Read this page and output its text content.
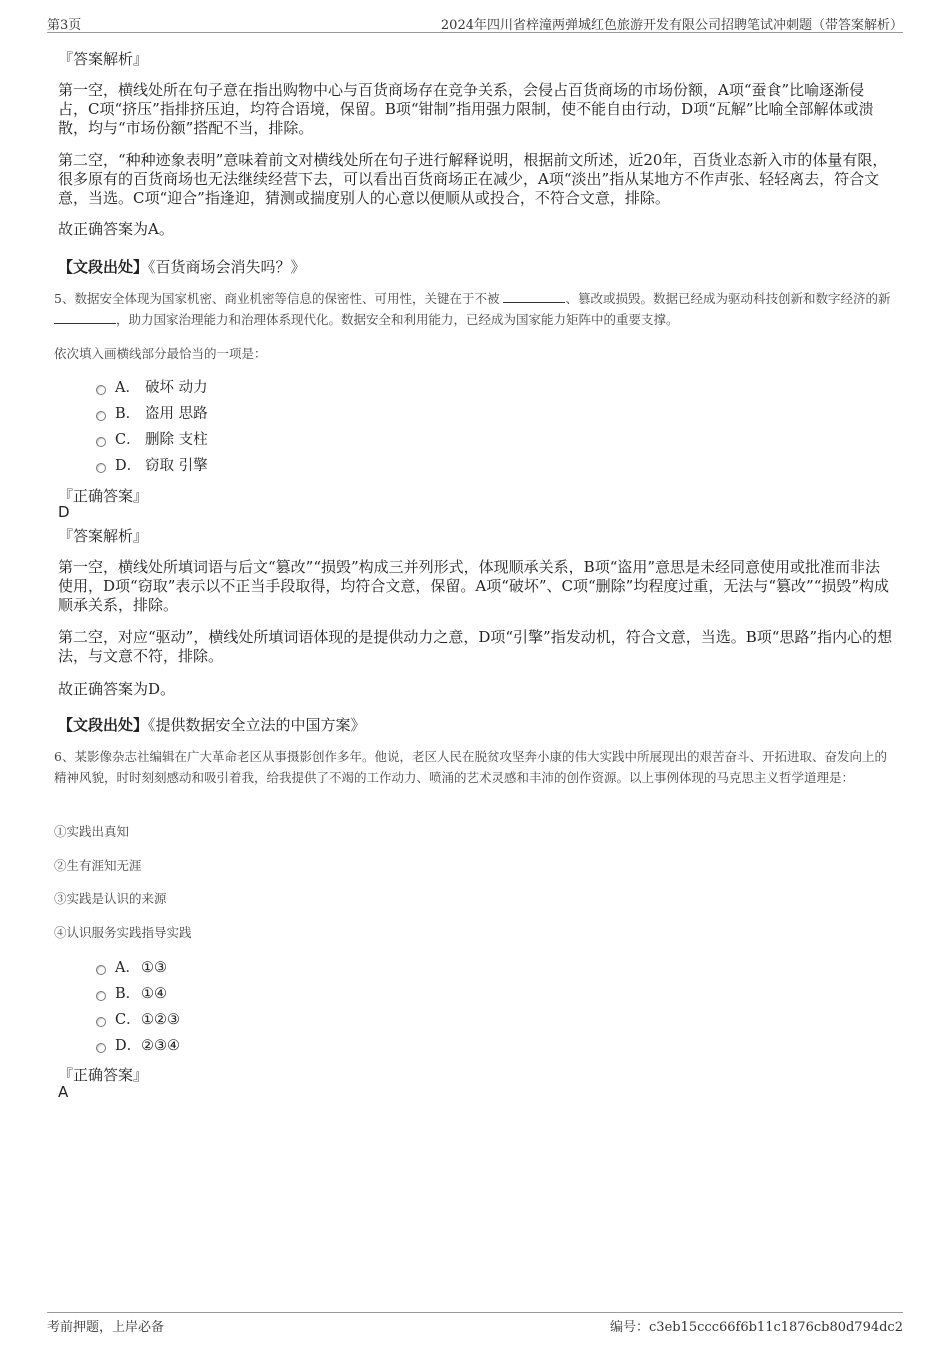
第3页	2024年四川省梓潼两弹城红色旅游开发有限公司招聘笔试冲刺题（带答案解析）
『答案解析』
第一空，横线处所在句子意在指出购物中心与百货商场存在竞争关系，会侵占百货商场的市场份额，A项“蚕食”比喻逐渐侵占，C项“挤压”指排挤压迫，均符合语境，保留。B项“钳制”指用强力限制，使不能自由行动，D项“瓦解”比喻全部解体或溃散，均与“市场份额”搭配不当，排除。
第二空，“种种迹象表明”意味着前文对横线处所在句子进行解释说明，根据前文所述，近20年，百货业态新入市的体量有限，很多原有的百货商场也无法继续经营下去，可以看出百货商场正在减少，A项“淡出”指从某地方不作声张、轻轻离去，符合文意，当选。C项“迎合”指逢迎，猜测或揣度别人的心意以便顺从或投合，不符合文意，排除。
故正确答案为A。
【文段出处】《百货商场会消失吗？》
5、数据安全体现为国家机密、商业机密等信息的保密性、可用性，关键在于不被	、篡改或损毁。数据已经成为驱动科技创新和数字经济的新 ，助力国家治理能力和治理体系现代化。数据安全和利用能力，已经成为国家能力矩阵中的重要支撑。
依次填入画横线部分最恰当的一项是：
A． 破坏 动力
B． 盗用 思路
C． 删除 支柱
D． 窃取 引擎
『正确答案』
D
『答案解析』
第一空，横线处所填词语与后文“篡改”“损毁”构成三并列形式，体现顺承关系，B项“盗用”意思是未经同意使用或批准而非法使用，D项“窃取”表示以不正当手段取得，均符合文意，保留。A项“破坏”、C项“删除”均程度过重，无法与“篡改”“损毁”构成顺承关系，排除。
第二空，对应“驱动”，横线处所填词语体现的是提供动力之意，D项“引擎”指发动机，符合文意，当选。B项“思路”指内心的想法，与文意不符，排除。
故正确答案为D。
【文段出处】《提供数据安全立法的中国方案》
6、某影像杂志社编辑在广大革命老区从事摄影创作多年。他说，老区人民在脱贫攻坚奔小康的伟大实践中所展现出的艰苦奋斗、开拓进取、奋发向上的精神风貌，时时刻刻感动和吸引着我，给我提供了不竭的工作动力、喷涌的艺术灵感和丰沛的创作资源。以上事例体现的马克思主义哲学道理是：
①实践出真知
②生有涯知无涯
③实践是认识的来源
④认识服务实践指导实践
A．①③
B．①④
C．①②③
D．②③④
『正确答案』
A
考前押题，上岸必备	编号：c3eb15ccc66f6b11c1876cb80d794dc2
